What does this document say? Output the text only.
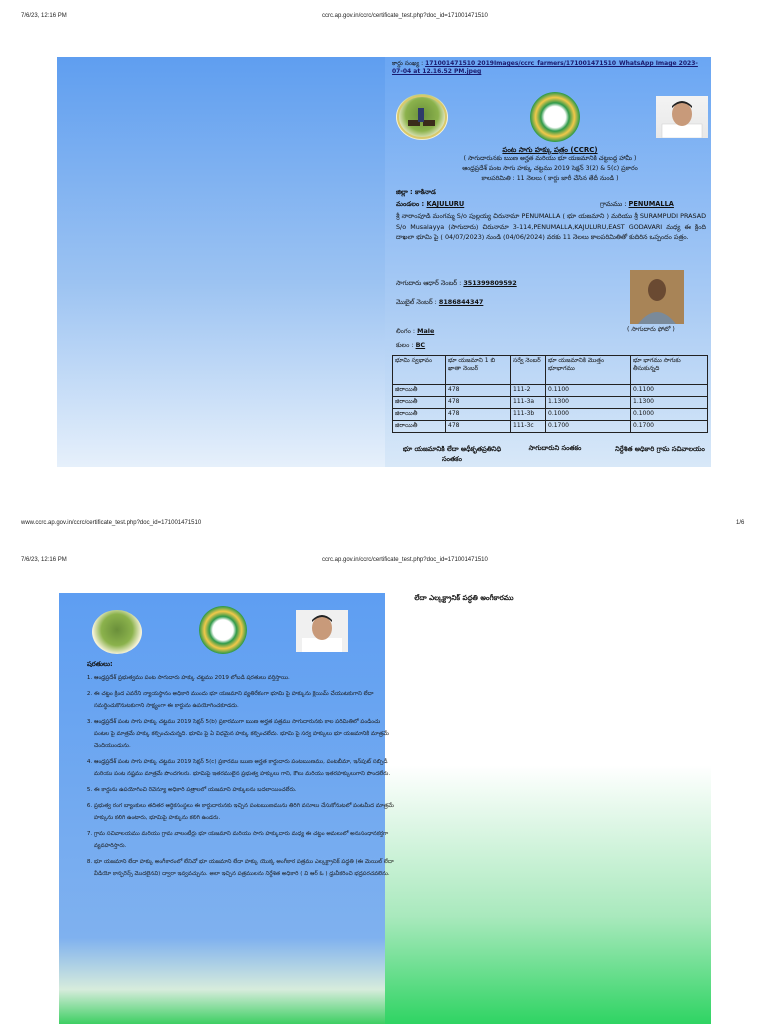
7/6/23, 12:16 PM	ccrc.ap.gov.in/ccrc/certificate_test.php?doc_id=171001471510
కార్డు సంఖ్య : 171001471510 2019Images/ccrc_farmers/171001471510_WhatsApp Image 2023-07-04 at 12.16.52 PM.jpeg
పంట సాగు హక్కు పత్రం (CCRC)
( సాగుదారునకు ఋణ అర్హత మరియు భూ యజమానికి చట్టబద్ద హామీ )
ఆంధ్రప్రదేశ్ పంట సాగు హక్కు చట్టము 2019 సెక్షన్ 3(2) & 5(c) ప్రకారం
కాలపరిమితి : 11 నెలలు ( కార్డు జారీ చేసిన తేదీ నుండి )
జిల్లా : కాకినాడ
మండలం : KAJULURU	గ్రామము : PENUMALLA
శ్రీ నారాంపూడి మంగమ్మ S/o పుల్లయ్య చిరునామా PENUMALLA ( భూ యజమాని ) మరియు శ్రీ SURAMPUDI PRASAD S/o Musalayya (సాగుదారు) చిరునామా 3-114,PENUMALLA,KAJULURU,EAST GODAVARI మధ్య ఈ క్రింది దాఖలా భూమి పై ( 04/07/2023) నుండి (04/06/2024) వరకు 11 నెలలు కాలపరిమితితో కుదిరిన ఒప్పందం పత్రం.
సాగుదారు ఆధార్ నెంబర్ : 351399809592
మొబైల్ నెంబర్ : 8186844347
( సాగుదారు ఫోటో )
లింగం : Male
కులం : BC
భూమి స్వభావం	భూ యజమాని 1 బి ఖాతా నెంబర్	సర్వే నెంబర్	భూ యజమానికి మొత్తం భూభాగము	భూ భాగము సాగుకు తీసుకున్నది
జిరాయితీ	478	111-2	0.1100	0.1100
జిరాయితీ	478	111-3a	1.1300	1.1300
జిరాయితీ	478	111-3b	0.1000	0.1000
జిరాయితీ	478	111-3c	0.1700	0.1700
భూ యజమానికి లేదా అధీకృతప్రతినిధి సంతకం
సాగుదారుని సంతకం	నిర్దేశిత అధికారి గ్రామ సచివాలయం
www.ccrc.ap.gov.in/ccrc/certificate_test.php?doc_id=171001471510	1/6
7/6/23, 12:16 PM	ccrc.ap.gov.in/ccrc/certificate_test.php?doc_id=171001471510
లేదా ఎల్కక్ట్రానిక్ పద్ధతి అంగీకారము
షరతులు:
1. ఆంధ్రప్రదేశ్ ప్రభుత్వము పంట సాగుదారు హక్కు చట్టము 2019 లోబడి షరతులు వర్తిస్తాయి.
2. ఈ చట్టం క్రింద ఎవరేని న్యాయస్థానం అధికారి ముందు భూ యజమాని వ్యతిరేకంగా భూమి పై హక్కును క్లెయిమ్ చేయుటకుగాని లేదా సమర్థించుకొనుటకుగాని సాక్ష్యంగా ఈ కార్డును ఉపయోగించకూడదు.
3. ఆంధ్రప్రదేశ్ పంట సాగు హక్కు చట్టము 2019 సెక్షన్ 5(b) ప్రకారముగా ఋణ అర్హత పత్రము సాగుదారునకు కాల పరిమితిలో పండించు పంటల పై మాత్రమే హక్కు కల్పించుచున్నది. భూమి పై ఏ విధమైన హక్కు కల్పించలేదు. భూమి పై సర్వ హక్కులు భూ యజమానికి మాత్రమే చెందియుండును.
4. ఆంధ్రప్రదేశ్ పంట సాగు హక్కు చట్టము 2019 సెక్షన్ 5(c) ప్రకారము ఋణ అర్హత కార్డుదారు పంటఋణము, పంటబీమా, ఇన్‌పుట్ సబ్సిడీ మరియు పంట నష్టము మాత్రమే పొందగలరు. భూమిపై ఇతరములైన ప్రభుత్వ హక్కులు గాని, కౌలు మరియు ఇతరహక్కులుగాని పొందలేరు.
5. ఈ కార్డును ఉపయోగించి రెవెన్యూ అధికారి పత్రాలలో యజమాని హక్కులను బదలాయించలేరు.
6. ప్రభుత్వ రంగ బ్యాంకులు తదితర ఆర్ధికసంస్థలు ఈ కార్డుదారునకు ఇచ్చిన పంటఋణమును తిరిగి వసూలు చేసుకోనుటలో పంటమీద మాత్రమే హక్కును కలిగి ఉంటారు, భూమిపై హక్కును కలిగి ఉండరు.
7. గ్రామ సచివాలయము మరియు గ్రామ వాలంటీర్లు భూ యజమాని మరియు సాగు హక్కుదారు మధ్య ఈ చట్టం అమలులో అనుసంధానకర్తగా వ్యవహరిస్తారు.
8. భూ యజమాని లేదా హక్కు అంగీకారంలో లేనిచో భూ యజమాని లేదా హక్కు యొక్క అంగీకార పత్రము ఎల్కక్ట్రానిక్ పద్ధతి (ఈ మెయిల్ లేదా వీడియో కాన్ఫరెన్స్ మొదలైనవి) ద్వారా ఇవ్వవచ్చును. అలా ఇచ్చిన పత్రములను నిర్దేశిత అధికారి ( వి ఆర్ ఓ ) ధ్రువీకరించి భద్రపరచవలెను.
